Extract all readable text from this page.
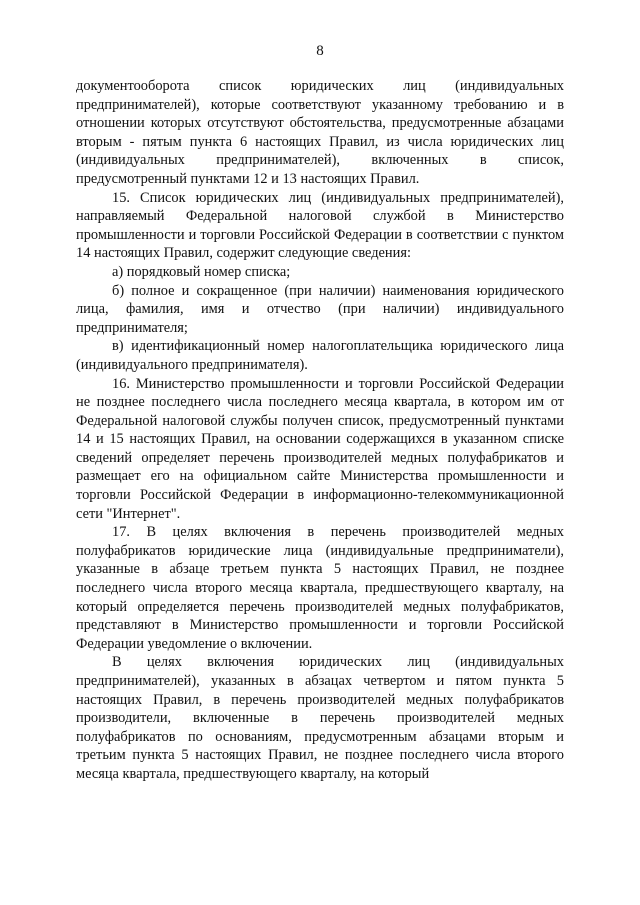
8

документооборота список юридических лиц (индивидуальных предпринимателей), которые соответствуют указанному требованию и в отношении которых отсутствуют обстоятельства, предусмотренные абзацами вторым - пятым пункта 6 настоящих Правил, из числа юридических лиц (индивидуальных предпринимателей), включенных в список, предусмотренный пунктами 12 и 13 настоящих Правил.

15. Список юридических лиц (индивидуальных предпринимателей), направляемый Федеральной налоговой службой в Министерство промышленности и торговли Российской Федерации в соответствии с пунктом 14 настоящих Правил, содержит следующие сведения:

а) порядковый номер списка;

б) полное и сокращенное (при наличии) наименования юридического лица, фамилия, имя и отчество (при наличии) индивидуального предпринимателя;

в) идентификационный номер налогоплательщика юридического лица (индивидуального предпринимателя).

16. Министерство промышленности и торговли Российской Федерации не позднее последнего числа последнего месяца квартала, в котором им от Федеральной налоговой службы получен список, предусмотренный пунктами 14 и 15 настоящих Правил, на основании содержащихся в указанном списке сведений определяет перечень производителей медных полуфабрикатов и размещает его на официальном сайте Министерства промышленности и торговли Российской Федерации в информационно-телекоммуникационной сети "Интернет".

17. В целях включения в перечень производителей медных полуфабрикатов юридические лица (индивидуальные предприниматели), указанные в абзаце третьем пункта 5 настоящих Правил, не позднее последнего числа второго месяца квартала, предшествующего кварталу, на который определяется перечень производителей медных полуфабрикатов, представляют в Министерство промышленности и торговли Российской Федерации уведомление о включении.

В целях включения юридических лиц (индивидуальных предпринимателей), указанных в абзацах четвертом и пятом пункта 5 настоящих Правил, в перечень производителей медных полуфабрикатов производители, включенные в перечень производителей медных полуфабрикатов по основаниям, предусмотренным абзацами вторым и третьим пункта 5 настоящих Правил, не позднее последнего числа второго месяца квартала, предшествующего кварталу, на который
